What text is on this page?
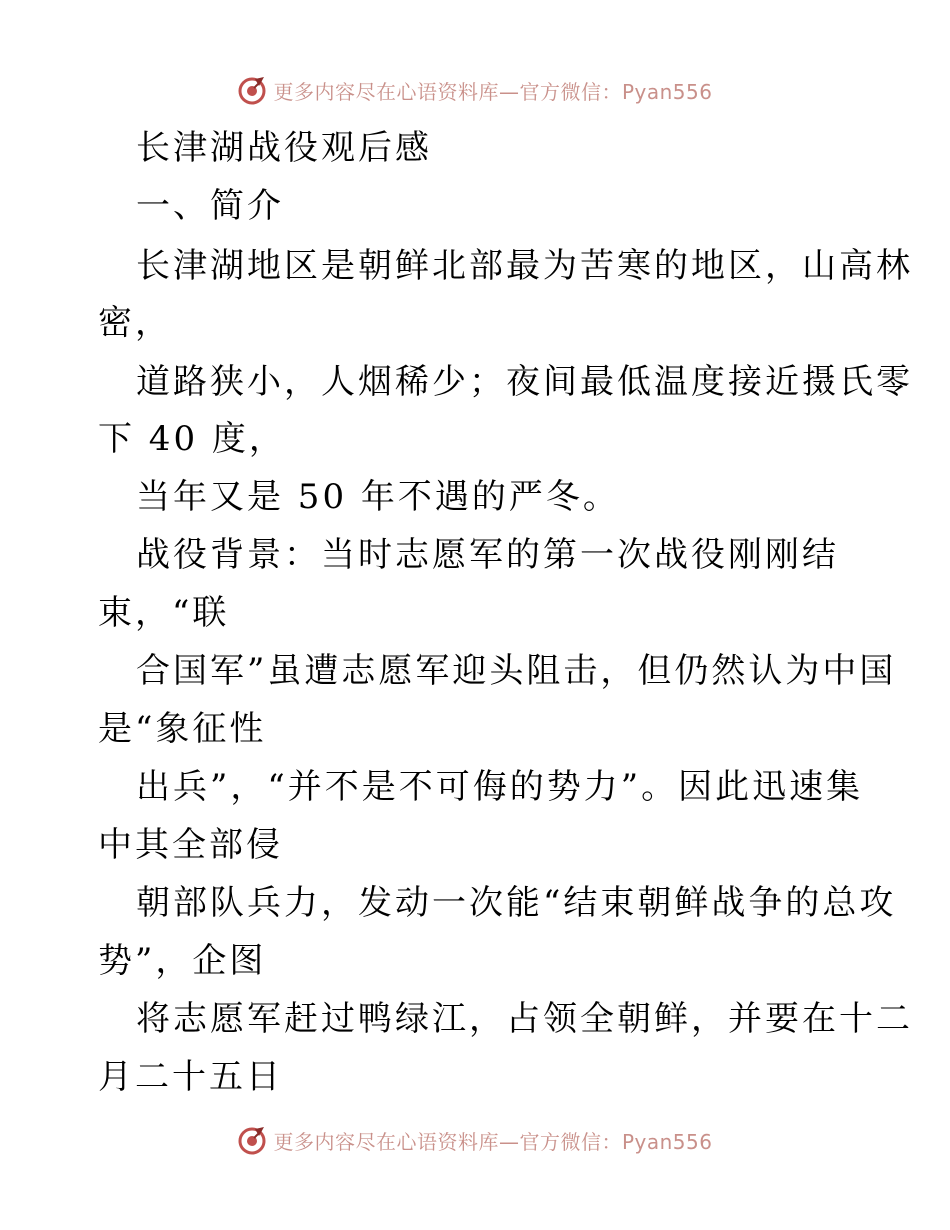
更多内容尽在心语资料库—官方微信：Pyan556
长津湖战役观后感
一、简介
长津湖地区是朝鲜北部最为苦寒的地区，山高林
密，
道路狭小，人烟稀少；夜间最低温度接近摄氏零
下 40 度，
当年又是 50 年不遇的严冬。
战役背景：当时志愿军的第一次战役刚刚结
束，“联
合国军”虽遭志愿军迎头阻击，但仍然认为中国
是“象征性
出兵”，“并不是不可侮的势力”。因此迅速集
中其全部侵
朝部队兵力，发动一次能“结束朝鲜战争的总攻
势”，企图
将志愿军赶过鸭绿江，占领全朝鲜，并要在十二
月二十五日
更多内容尽在心语资料库—官方微信：Pyan556
